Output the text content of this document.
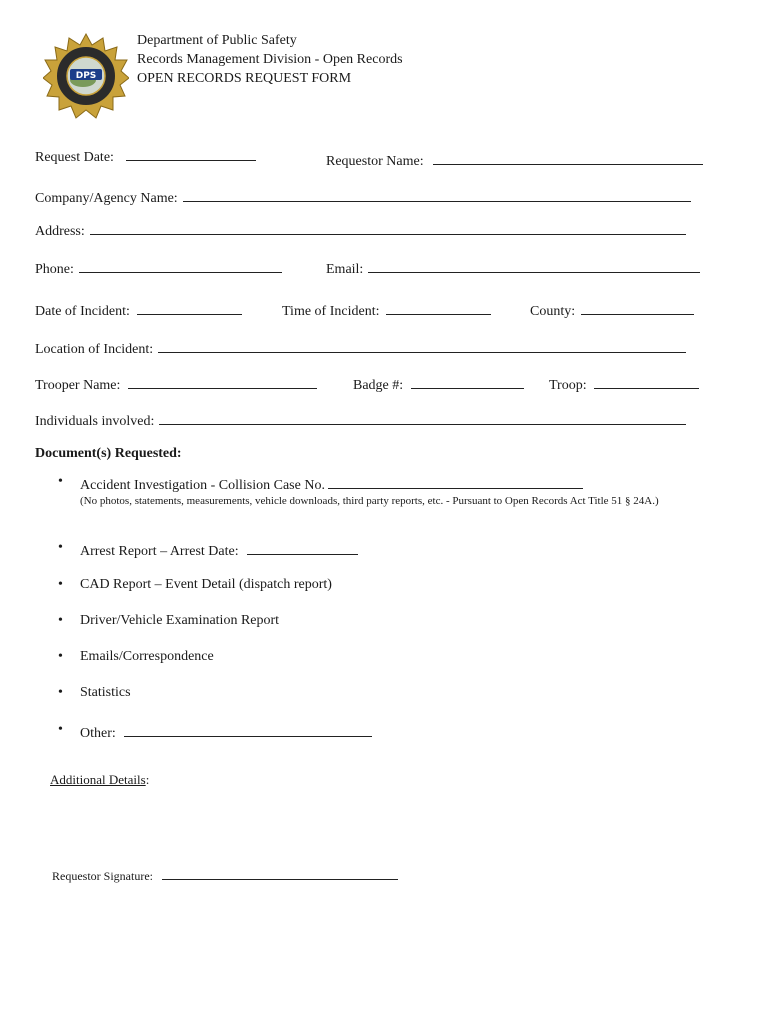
DPS
Department of Public Safety
Records Management Division - Open Records
OPEN RECORDS REQUEST FORM
Request Date:	Requestor Name:
Company/Agency Name:
Address:
Phone:	Email:
Date of Incident:	Time of Incident:	County:
Location of Incident:
Trooper Name:	Badge #:	Troop:
Individuals involved:
Document(s) Requested:
• Accident Investigation - Collision Case No.
(No photos, statements, measurements, vehicle downloads, third party reports, etc. - Pursuant to Open Records Act Title 51 § 24A.)
• Arrest Report – Arrest Date:
• CAD Report – Event Detail (dispatch report)
• Driver/Vehicle Examination Report
• Emails/Correspondence
• Statistics
• Other:
Additional Details:
Requestor Signature:
